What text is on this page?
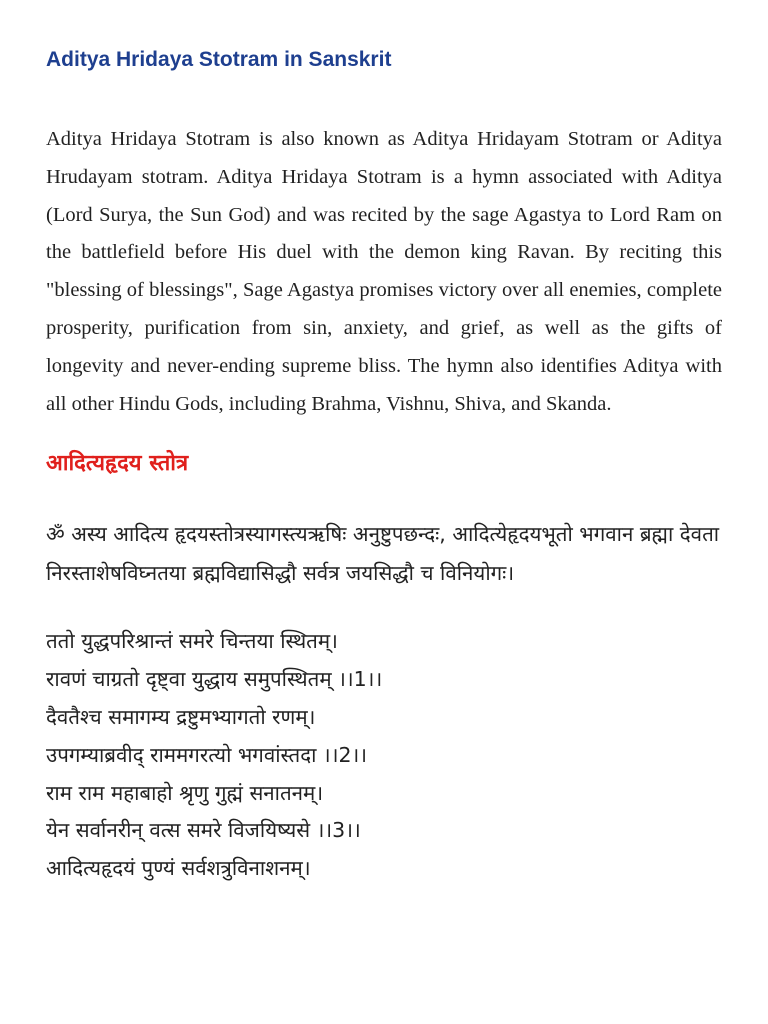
Aditya Hridaya Stotram in Sanskrit

Aditya Hridaya Stotram is also known as Aditya Hridayam Stotram or Aditya Hrudayam stotram. Aditya Hridaya Stotram is a hymn associated with Aditya (Lord Surya, the Sun God) and was recited by the sage Agastya to Lord Ram on the battlefield before His duel with the demon king Ravan. By reciting this "blessing of blessings", Sage Agastya promises victory over all enemies, complete prosperity, purification from sin, anxiety, and grief, as well as the gifts of longevity and never-ending supreme bliss. The hymn also identifies Aditya with all other Hindu Gods, including Brahma, Vishnu, Shiva, and Skanda.

आदित्यहृदय स्तोत्र

ॐ अस्य आदित्य हृदयस्तोत्रस्यागस्त्यऋषिः अनुष्टुपछन्दः, आदित्येहृदयभूतो भगवान ब्रह्मा देवता निरस्ताशेषविघ्नतया ब्रह्मविद्यासिद्धौ सर्वत्र जयसिद्धौ च विनियोगः।

ततो युद्धपरिश्रान्तं समरे चिन्तया स्थितम्।
रावणं चाग्रतो दृष्ट्वा युद्धाय समुपस्थितम् ।।1।।
दैवतैश्च समागम्य द्रष्टुमभ्यागतो रणम्।
उपगम्याब्रवीद् राममगरत्यो भगवांस्तदा ।।2।।
राम राम महाबाहो श्रृणु गुह्मं सनातनम्।
येन सर्वानरीन् वत्स समरे विजयिष्यसे ।।3।।
आदित्यहृदयं पुण्यं सर्वशत्रुविनाशनम्।
